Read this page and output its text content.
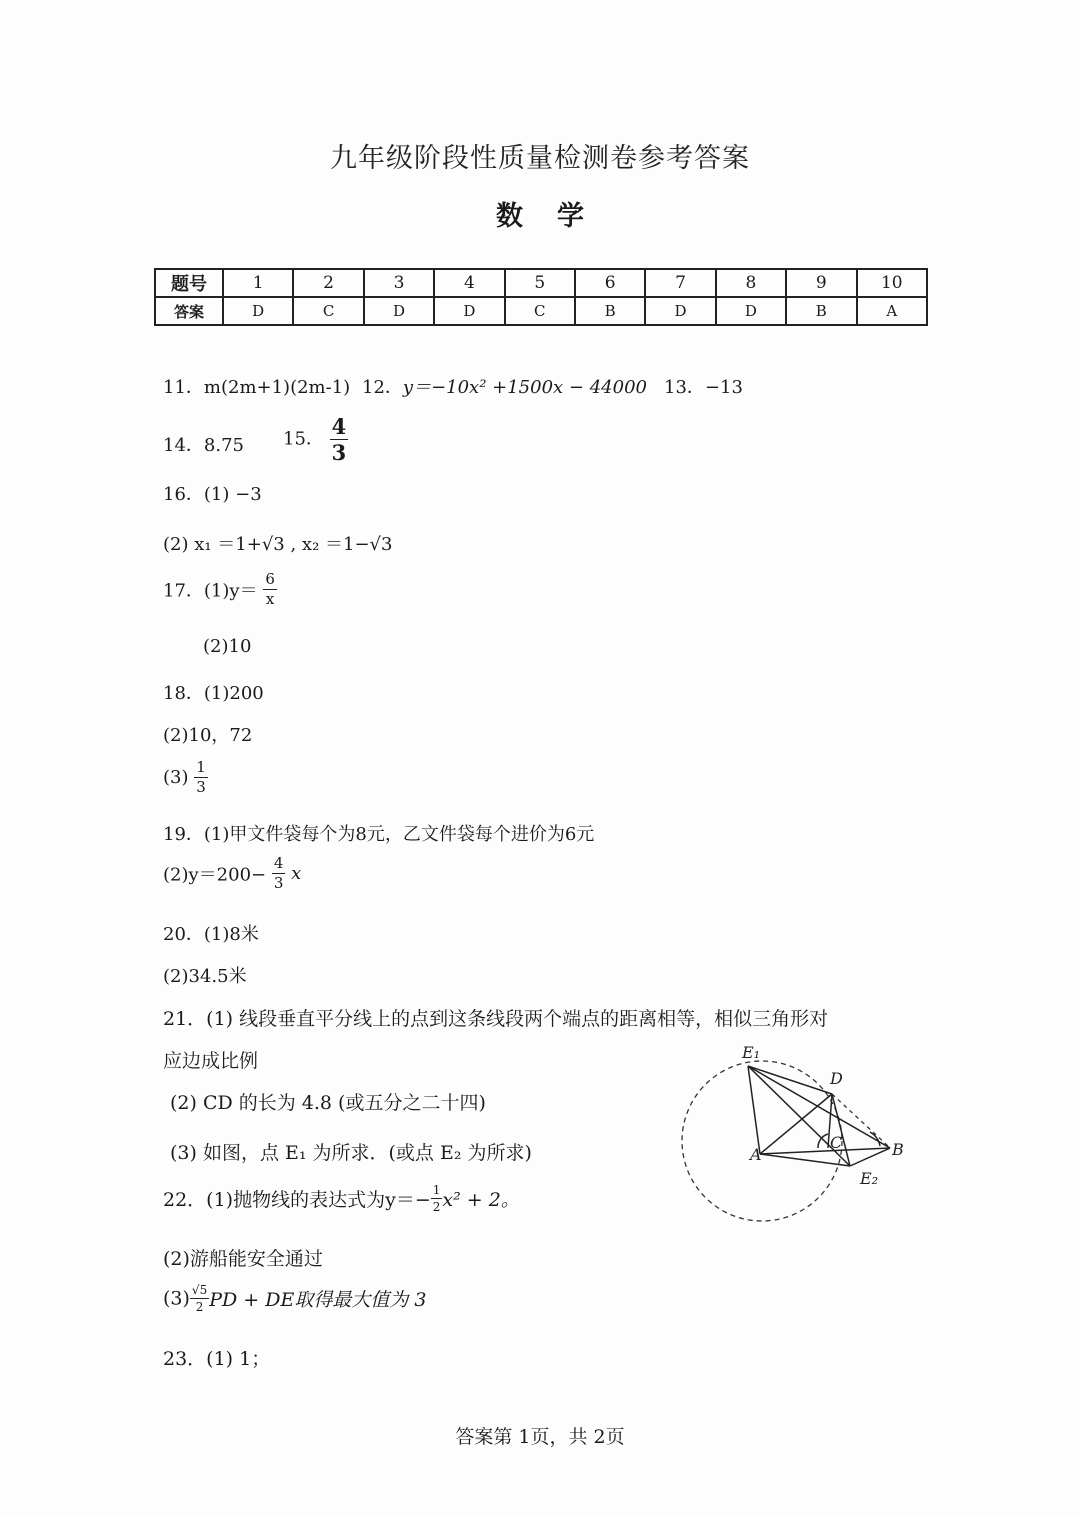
九年级阶段性质量检测卷参考答案
数学
题号	1	2	3	4	5	6	7	8	9	10
答案	D	C	D	D	C	B	D	D	B	A
11．m(2m+1)(2m-1) 12．y＝−10x² +1500x − 44000 13．−13
14．8.75 15． $\frac{4}{3}$
16．(1) −3
(2) x₁ ＝1+√3 , x₂ ＝1−√3
17．$(1)y= \frac{6}{x}$
(2)10
18．(1)200
(2)10，72
$(3) \frac{1}{3}$
19．(1)甲文件袋每个为8元，乙文件袋每个进价为6元
$(2)y=200- \frac{4}{3}$ x
20．(1)8米
(2)34.5米
21．(1) 线段垂直平分线上的点到这条线段两个端点的距离相等，相似三角形对
应边成比例
(2) CD 的长为 4.8 (或五分之二十四)
(3) 如图，点 E₁ 为所求．(或点 E₂ 为所求)
22．(1)抛物线的表达式为$y=- \frac{1}{2} x^2 + 2$。
(2)游船能安全通过
$(3) \frac{√5}{2}$ PD + DE取得最大值为 3
23．(1) 1；
E₁
D
C
A	B
E₂
答案第 1页，共 2页
